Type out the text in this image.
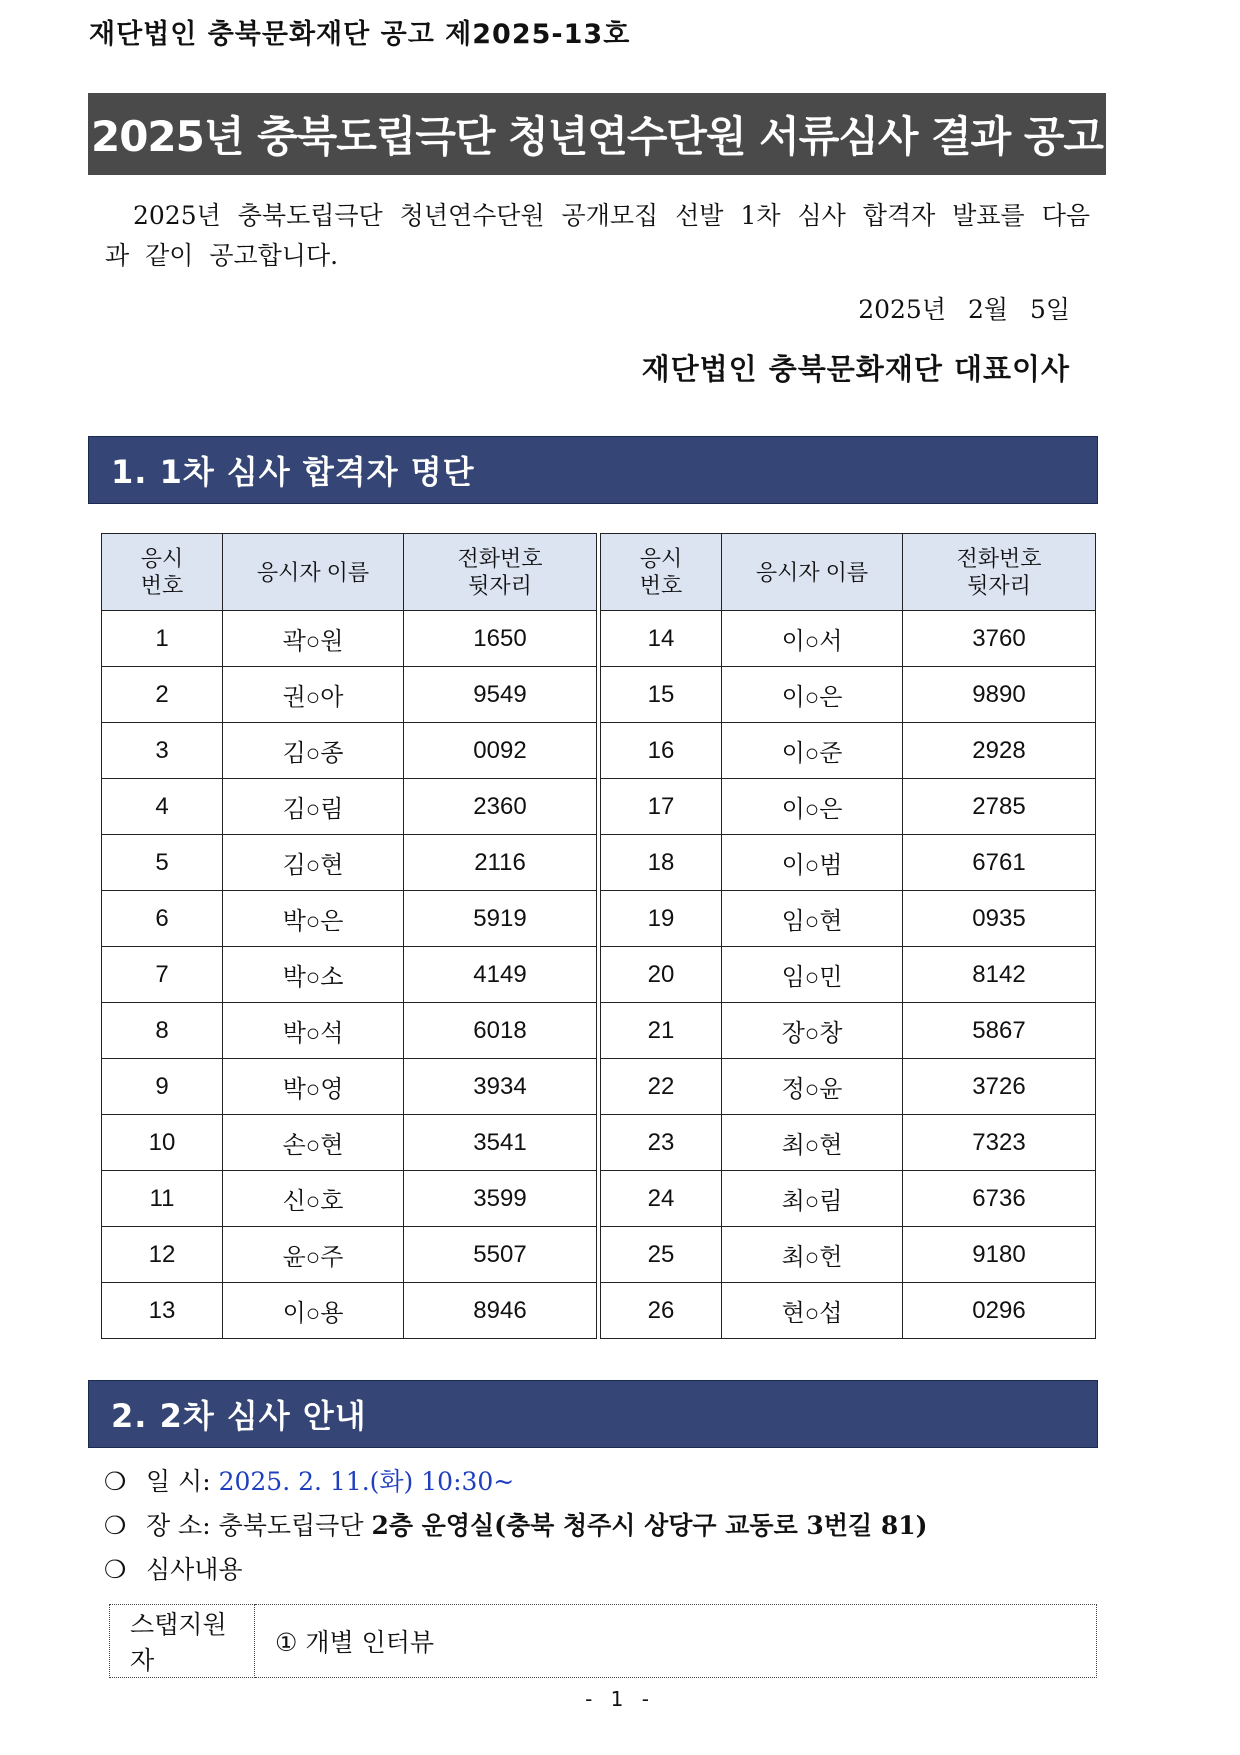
재단법인 충북문화재단 공고 제2025-13호
2025년 충북도립극단 청년연수단원 서류심사 결과 공고
2025년 충북도립극단 청년연수단원 공개모집 선발 1차 심사 합격자 발표를 다음과 같이 공고합니다.
2025년 2월 5일
재단법인 충북문화재단 대표이사
1. 1차 심사 합격자 명단
응시
번호	응시자 이름	전화번호
뒷자리
1	곽○원	1650
2	권○아	9549
3	김○종	0092
4	김○림	2360
5	김○현	2116
6	박○은	5919
7	박○소	4149
8	박○석	6018
9	박○영	3934
10	손○현	3541
11	신○호	3599
12	윤○주	5507
13	이○용	8946
응시
번호	응시자 이름	전화번호
뒷자리
14	이○서	3760
15	이○은	9890
16	이○준	2928
17	이○은	2785
18	이○범	6761
19	임○현	0935
20	임○민	8142
21	장○창	5867
22	정○윤	3726
23	최○현	7323
24	최○림	6736
25	최○헌	9180
26	현○섭	0296
2. 2차 심사 안내
❍ 일 시: 2025. 2. 11.(화) 10:30~
❍ 장 소: 충북도립극단 2층 운영실(충북 청주시 상당구 교동로 3번길 81)
❍ 심사내용
스탭지원자	① 개별 인터뷰
- 1 -
